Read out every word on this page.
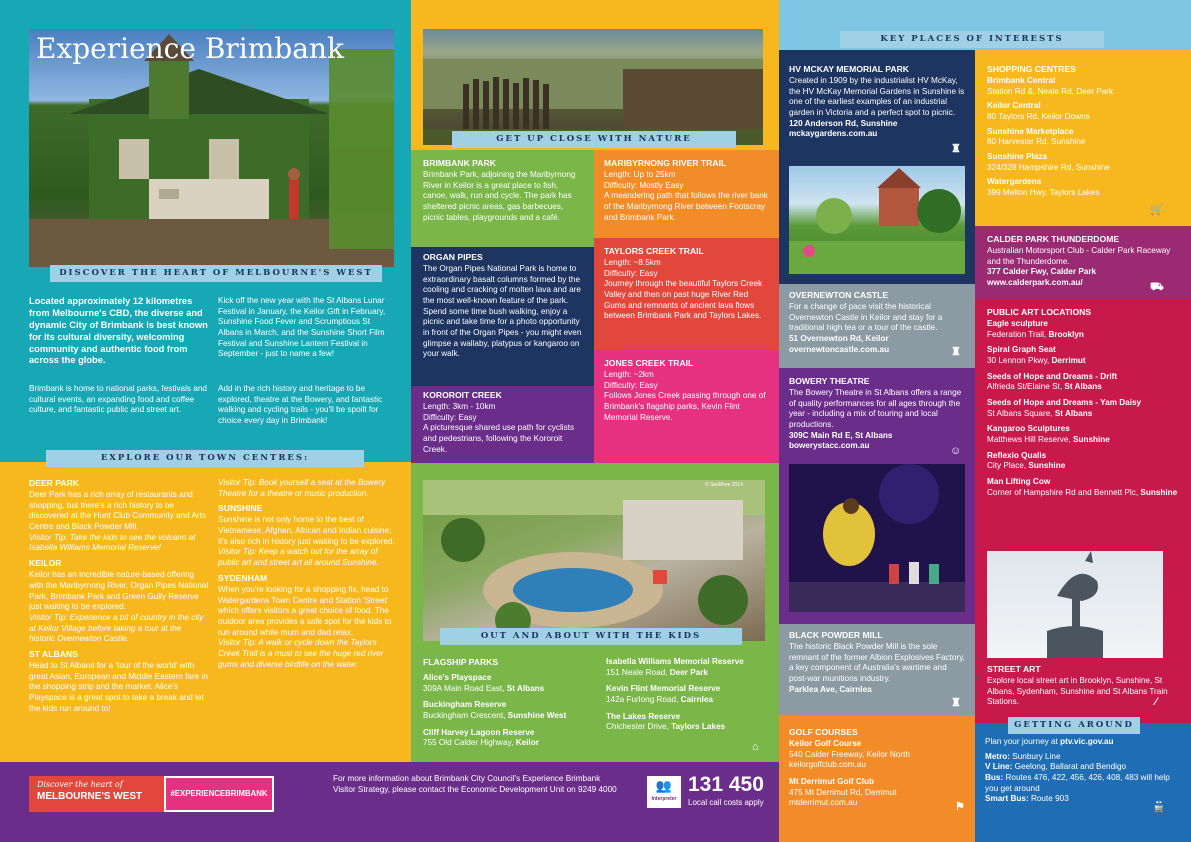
Experience Brimbank
DISCOVER THE HEART OF MELBOURNE'S WEST
Located approximately 12 kilometres from Melbourne's CBD, the diverse and dynamic City of Brimbank is best known for its cultural diversity, welcoming community and authentic food from across the globe.
Brimbank is home to national parks, festivals and cultural events, an expanding food and coffee culture, and fantastic public and street art.
Kick off the new year with the St Albans Lunar Festival in January, the Keilor Gift in February, Sunshine Food Fever and Scrumptious St Albans in March, and the Sunshine Short Film Festival and Sunshine Lantern Festival in September - just to name a few!
Add in the rich history and heritage to be explored, theatre at the Bowery, and fantastic walking and cycling trails - you'll be spoilt for choice every day in Brimbank!
EXPLORE OUR TOWN CENTRES:
DEER PARK

Deer Park has a rich array of restaurants and shopping, but there's a rich history to be discovered at the Hunt Club Community and Arts Centre and Black Powder Mill.

Visitor Tip: Take the kids to see the volcano at Isabella Williams Memorial Reserve!

KEILOR

Keilor has an incredible nature-based offering with the Maribyrnong River, Organ Pipes National Park, Brimbank Park and Green Gully Reserve just waiting to be explored.

Visitor Tip: Experience a bit of country in the city at Keilor Village before taking a tour at the historic Overnewton Castle.

ST ALBANS

Head to St Albans for a 'tour of the world' with great Asian, European and Middle Eastern fare in the shopping strip and the market. Alice's Playspace is a great spot to take a break and let the kids run around to!

Visitor Tip: Book yourself a seat at the Bowery Theatre for a theatre or music production.

SUNSHINE

Sunshine is not only home to the best of Vietnamese, Afghan, African and Indian cuisine; it's also rich in history just waiting to be explored.

Visitor Tip: Keep a watch out for the array of public art and street art all around Sunshine.

SYDENHAM

When you're looking for a shopping fix, head to Watergardens Town Centre and Station 'Street' which offers visitors a great choice of food. The outdoor area provides a safe spot for the kids to run around while mum and dad relax.

Visitor Tip: A walk or cycle down the Taylors Creek Trail is a must to see the huge red river gums and diverse birdlife on the water.

GET UP CLOSE WITH NATURE
BRIMBANK PARK

Brimbank Park, adjoining the Maribyrnong River in Keilor is a great place to fish, canoe, walk, run and cycle. The park has sheltered picnic areas, gas barbecues, picnic tables, playgrounds and a café.

ORGAN PIPES

The Organ Pipes National Park is home to extraordinary basalt columns formed by the cooling and cracking of molten lava and are the most well-known feature of the park. Spend some time bush walking, enjoy a picnic and take time for a photo opportunity in front of the Organ Pipes - you might even glimpse a wallaby, platypus or kangaroo on your walk.

KOROROIT CREEK

Length: 3km - 10km

Difficulty: Easy

A picturesque shared use path for cyclists and pedestrians, following the Kororoit Creek.

MARIBYRNONG RIVER TRAIL

Length: Up to 25km

Difficulty: Mostly Easy

A meandering path that follows the river bank of the Maribyrnong River between Footscray and Brimbank Park.

TAYLORS CREEK TRAIL

Length: ~8.5km

Difficulty: Easy

Journey through the beautiful Taylors Creek Valley and then on past huge River Red Gums and remnants of ancient lava flows between Brimbank Park and Taylors Lakes.

JONES CREEK TRAIL

Length: ~2km

Difficulty: Easy

Follows Jones Creek passing through one of Brimbank's flagship parks, Kevin Flint Memorial Reserve.

© SeeMore 2014
OUT AND ABOUT WITH THE KIDS
FLAGSHIP PARKS
Alice's Playspace
309A Main Road East, St Albans
Buckingham Reserve
Buckingham Crescent, Sunshine West
Cliff Harvey Lagoon Reserve
755 Old Calder Highway, Keilor
Isabella Williams Memorial Reserve
151 Neale Road, Deer Park
Kevin Flint Memorial Reserve
142a Furlong Road, Cairnlea
The Lakes Reserve
Chichester Drive, Taylors Lakes
⌂
KEY PLACES OF INTERESTS
HV MCKAY MEMORIAL PARK

Created in 1909 by the industrialist HV McKay, the HV McKay Memorial Gardens in Sunshine is one of the earliest examples of an industrial garden in Victoria and a perfect spot to picnic.

120 Anderson Rd, Sunshine

mckaygardens.com.au

♜
OVERNEWTON CASTLE

For a change of pace visit the historical Overnewton Castle in Keilor and stay for a traditional high tea or a tour of the castle.

51 Overnewton Rd, Keilor

overnewtoncastle.com.au	♜
BOWERY THEATRE

The Bowery Theatre in St Albans offers a range of quality performances for all ages through the year - including a mix of touring and local productions.

309C Main Rd E, St Albans

bowerystacc.com.au	☺
BLACK POWDER MILL

The historic Black Powder Mill is the sole remnant of the former Albion Explosives Factory, a key component of Australia's wartime and post-war munitions industry.

Parklea Ave, Cairnlea

♜
GOLF COURSES

Keilor Golf Course

540 Calder Freeway, Keilor North

keilorgolfclub.com.au

Mt Derrimut Golf Club

475 Mt Derrimut Rd, Derrimut

mtderrimut.com.au	⚑
SHOPPING CENTRES

Brimbank Central

Station Rd &, Neale Rd, Deer Park

Keilor Central

80 Taylors Rd, Keilor Downs

Sunshine Marketplace

80 Harvester Rd, Sunshine

Sunshine Plaza

324/328 Hampshire Rd, Sunshine

Watergardens

399 Melton Hwy, Taylors Lakes

🛒
CALDER PARK THUNDERDOME

Australian Motorsport Club - Calder Park Raceway and the Thunderdome.

377 Calder Fwy, Calder Park

www.calderpark.com.au/	⛟
PUBLIC ART LOCATIONS

Eagle sculpture

Federation Trail, Brooklyn

Spiral Graph Seat

30 Lennon Pkwy, Derrimut

Seeds of Hope and Dreams - Drift

Alfrieda St/Elaine St, St Albans

Seeds of Hope and Dreams - Yam Daisy

St Albans Square, St Albans

Kangaroo Sculptures

Matthews Hill Reserve, Sunshine

Reflexio Qualis

City Place, Sunshine

Man Lifting Cow

Corner of Hampshire Rd and Bennett Plc, Sunshine
STREET ART

Explore local street art in Brooklyn, Sunshine, St Albans, Sydenham, Sunshine and St Albans Train Stations.	⁄

Plan your journey at ptv.vic.gov.au

Metro: Sunbury Line

V Line: Geelong, Ballarat and Bendigo

Bus: Routes 476, 422, 456, 426, 408, 483 will help you get around

Smart Bus: Route 903

GETTING AROUND
🚆
Discover the heart of
MELBOURNE'S WEST	#EXPERIENCEBRIMBANK
For more information about Brimbank City Council's Experience Brimbank Visitor Strategy, please contact the Economic Development Unit on 9249 4000	👥
Interpreter
131 450
Local call costs apply
